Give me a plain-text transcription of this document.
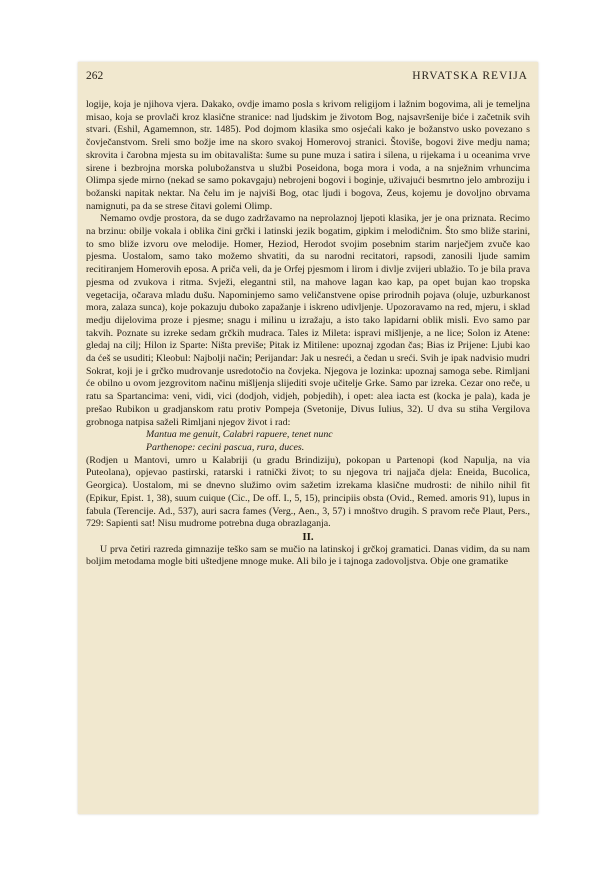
262	HRVATSKA REVIJA

logije, koja je njihova vjera. Dakako, ovdje imamo posla s krivom religijom i lažnim bogovima, ali je temeljna misao, koja se provlači kroz klasične stranice: nad ljudskim je životom Bog, najsavršenije biće i začetnik svih stvari. (Eshil, Agamemnon, str. 1485). Pod dojmom klasika smo osjećali kako je božanstvo usko povezano s čovječanstvom. Sreli smo božje ime na skoro svakoj Homerovoj stranici. Štoviše, bogovi žive medju nama; skrovita i čarobna mjesta su im obitavališta: šume su pune muza i satira i silena, u rijekama i u oceanima vrve sirene i bezbrojna morska polubožanstva u službi Poseidona, boga mora i voda, a na snježnim vrhuncima Olimpa sjede mirno (nekad se samo pokavgaju) nebrojeni bogovi i boginje, uživajući besmrtno jelo ambroziju i božanski napitak nektar. Na čelu im je najviši Bog, otac ljudi i bogova, Zeus, kojemu je dovoljno obrvama namignuti, pa da se strese čitavi golemi Olimp.

Nemamo ovdje prostora, da se dugo zadržavamo na neprolaznoj ljepoti klasika, jer je ona priznata. Recimo na brzinu: obilje vokala i oblika čini grčki i latinski jezik bogatim, gipkim i melodičnim. Što smo bliže starini, to smo bliže izvoru ove melodije. Homer, Heziod, Herodot svojim posebnim starim narječjem zvuče kao pjesma. Uostalom, samo tako možemo shvatiti, da su narodni recitatori, rapsodi, zanosili ljude samim recitiranjem Homerovih eposa. A priča veli, da je Orfej pjesmom i lirom i divlje zvijeri ublažio. To je bila prava pjesma od zvukova i ritma. Svježi, elegantni stil, na mahove lagan kao kap, pa opet bujan kao tropska vegetacija, očarava mladu dušu. Napominjemo samo veličanstvene opise prirodnih pojava (oluje, uzburkanost mora, zalaza sunca), koje pokazuju duboko zapažanje i iskreno udivljenje. Upozoravamo na red, mjeru, i sklad medju dijelovima proze i pjesme; snagu i milinu u izražaju, a isto tako lapidarni oblik misli. Evo samo par takvih. Poznate su izreke sedam grčkih mudraca. Tales iz Mileta: ispravi mišljenje, a ne lice; Solon iz Atene: gledaj na cilj; Hilon iz Sparte: Ništa previše; Pitak iz Mitilene: upoznaj zgodan čas; Bias iz Prijene: Ljubi kao da ćeš se usuditi; Kleobul: Najbolji način; Perijandar: Jak u nesreći, a čedan u sreći. Svih je ipak nadvisio mudri Sokrat, koji je i grčko mudrovanje usredotočio na čovjeka. Njegova je lozinka: upoznaj samoga sebe. Rimljani će obilno u ovom jezgrovitom načinu mišljenja slijediti svoje učitelje Grke. Samo par izreka. Cezar ono reče, u ratu sa Spartancima: veni, vidi, vici (dodjoh, vidjeh, pobjedih), i opet: alea iacta est (kocka je pala), kada je prešao Rubikon u gradjanskom ratu protiv Pompeja (Svetonije, Divus Iulius, 32). U dva su stiha Vergilova grobnoga natpisa saželi Rimljani njegov život i rad:

Mantua me genuit, Calabri rapuere, tenet nunc

Parthenope: cecini pascua, rura, duces.

(Rodjen u Mantovi, umro u Kalabriji (u gradu Brindiziju), pokopan u Partenopi (kod Napulja, na via Puteolana), opjevao pastirski, ratarski i ratnički život; to su njegova tri najjača djela: Eneida, Bucolica, Georgica). Uostalom, mi se dnevno služimo ovim sažetim izrekama klasične mudrosti: de nihilo nihil fit (Epikur, Epist. 1, 38), suum cuique (Cic., De off. I., 5, 15), principiis obsta (Ovid., Remed. amoris 91), lupus in fabula (Terencije. Ad., 537), auri sacra fames (Verg., Aen., 3, 57) i mnoštvo drugih. S pravom reče Plaut, Pers., 729: Sapienti sat! Nisu mudrome potrebna duga obrazlaganja.

II.

U prva četiri razreda gimnazije teško sam se mučio na latinskoj i grčkoj gramatici. Danas vidim, da su nam boljim metodama mogle biti uštedjene mnoge muke. Ali bilo je i tajnoga zadovoljstva. Obje one gramatike
